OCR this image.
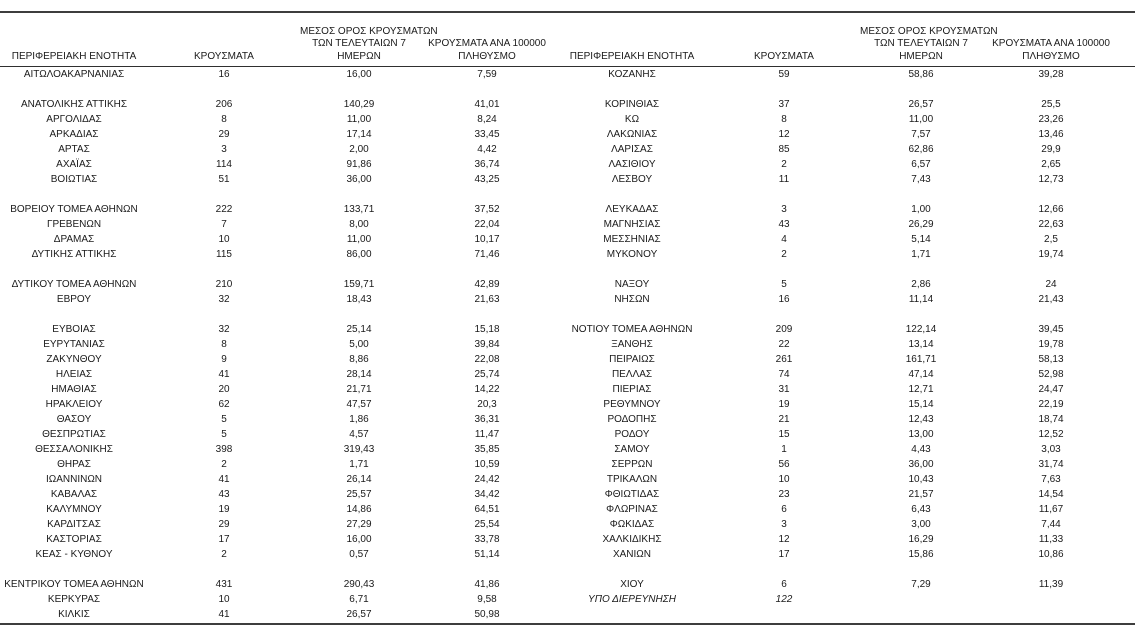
ΠΕΡΙΦΕΡΕΙΑΚΗ ΕΝΟΤΗΤΑ	ΚΡΟΥΣΜΑΤΑ	ΜΕΣΟΣ ΟΡΟΣ ΚΡΟΥΣΜΑΤΩΝ
ΤΩΝ ΤΕΛΕΥΤΑΙΩΝ 7
ΗΜΕΡΩΝ	ΚΡΟΥΣΜΑΤΑ ΑΝΑ 100000
ΠΛΗΘΥΣΜΟ	ΠΕΡΙΦΕΡΕΙΑΚΗ ΕΝΟΤΗΤΑ	ΚΡΟΥΣΜΑΤΑ	ΜΕΣΟΣ ΟΡΟΣ ΚΡΟΥΣΜΑΤΩΝ
ΤΩΝ ΤΕΛΕΥΤΑΙΩΝ 7
ΗΜΕΡΩΝ	ΚΡΟΥΣΜΑΤΑ ΑΝΑ 100000
ΠΛΗΘΥΣΜΟ	

ΑΙΤΩΛΟΑΚΑΡΝΑΝΙΑΣ	16	16,00	7,59	ΚΟΖΑΝΗΣ	59	58,86	39,28	

ΑΝΑΤΟΛΙΚΗΣ ΑΤΤΙΚΗΣ	206	140,29	41,01	ΚΟΡΙΝΘΙΑΣ	37	26,57	25,5	
ΑΡΓΟΛΙΔΑΣ	8	11,00	8,24	ΚΩ	8	11,00	23,26	
ΑΡΚΑΔΙΑΣ	29	17,14	33,45	ΛΑΚΩΝΙΑΣ	12	7,57	13,46	
ΑΡΤΑΣ	3	2,00	4,42	ΛΑΡΙΣΑΣ	85	62,86	29,9	
ΑΧΑΪΑΣ	114	91,86	36,74	ΛΑΣΙΘΙΟΥ	2	6,57	2,65	
ΒΟΙΩΤΙΑΣ	51	36,00	43,25	ΛΕΣΒΟΥ	11	7,43	12,73	

ΒΟΡΕΙΟΥ ΤΟΜΕΑ ΑΘΗΝΩΝ	222	133,71	37,52	ΛΕΥΚΑΔΑΣ	3	1,00	12,66	
ΓΡΕΒΕΝΩΝ	7	8,00	22,04	ΜΑΓΝΗΣΙΑΣ	43	26,29	22,63	
ΔΡΑΜΑΣ	10	11,00	10,17	ΜΕΣΣΗΝΙΑΣ	4	5,14	2,5	
ΔΥΤΙΚΗΣ ΑΤΤΙΚΗΣ	115	86,00	71,46	ΜΥΚΟΝΟΥ	2	1,71	19,74	

ΔΥΤΙΚΟΥ ΤΟΜΕΑ ΑΘΗΝΩΝ	210	159,71	42,89	ΝΑΞΟΥ	5	2,86	24	
ΕΒΡΟΥ	32	18,43	21,63	ΝΗΣΩΝ	16	11,14	21,43	

ΕΥΒΟΙΑΣ	32	25,14	15,18	ΝΟΤΙΟΥ ΤΟΜΕΑ ΑΘΗΝΩΝ	209	122,14	39,45	
ΕΥΡΥΤΑΝΙΑΣ	8	5,00	39,84	ΞΑΝΘΗΣ	22	13,14	19,78	
ΖΑΚΥΝΘΟΥ	9	8,86	22,08	ΠΕΙΡΑΙΩΣ	261	161,71	58,13	
ΗΛΕΙΑΣ	41	28,14	25,74	ΠΕΛΛΑΣ	74	47,14	52,98	
ΗΜΑΘΙΑΣ	20	21,71	14,22	ΠΙΕΡΙΑΣ	31	12,71	24,47	
ΗΡΑΚΛΕΙΟΥ	62	47,57	20,3	ΡΕΘΥΜΝΟΥ	19	15,14	22,19	
ΘΑΣΟΥ	5	1,86	36,31	ΡΟΔΟΠΗΣ	21	12,43	18,74	
ΘΕΣΠΡΩΤΙΑΣ	5	4,57	11,47	ΡΟΔΟΥ	15	13,00	12,52	
ΘΕΣΣΑΛΟΝΙΚΗΣ	398	319,43	35,85	ΣΑΜΟΥ	1	4,43	3,03	
ΘΗΡΑΣ	2	1,71	10,59	ΣΕΡΡΩΝ	56	36,00	31,74	
ΙΩΑΝΝΙΝΩΝ	41	26,14	24,42	ΤΡΙΚΑΛΩΝ	10	10,43	7,63	
ΚΑΒΑΛΑΣ	43	25,57	34,42	ΦΘΙΩΤΙΔΑΣ	23	21,57	14,54	
ΚΑΛΥΜΝΟΥ	19	14,86	64,51	ΦΛΩΡΙΝΑΣ	6	6,43	11,67	
ΚΑΡΔΙΤΣΑΣ	29	27,29	25,54	ΦΩΚΙΔΑΣ	3	3,00	7,44	
ΚΑΣΤΟΡΙΑΣ	17	16,00	33,78	ΧΑΛΚΙΔΙΚΗΣ	12	16,29	11,33	
ΚΕΑΣ - ΚΥΘΝΟΥ	2	0,57	51,14	ΧΑΝΙΩΝ	17	15,86	10,86	

ΚΕΝΤΡΙΚΟΥ ΤΟΜΕΑ ΑΘΗΝΩΝ	431	290,43	41,86	ΧΙΟΥ	6	7,29	11,39	
ΚΕΡΚΥΡΑΣ	10	6,71	9,58	ΥΠΟ ΔΙΕΡΕΥΝΗΣΗ	122			
ΚΙΛΚΙΣ	41	26,57	50,98					
